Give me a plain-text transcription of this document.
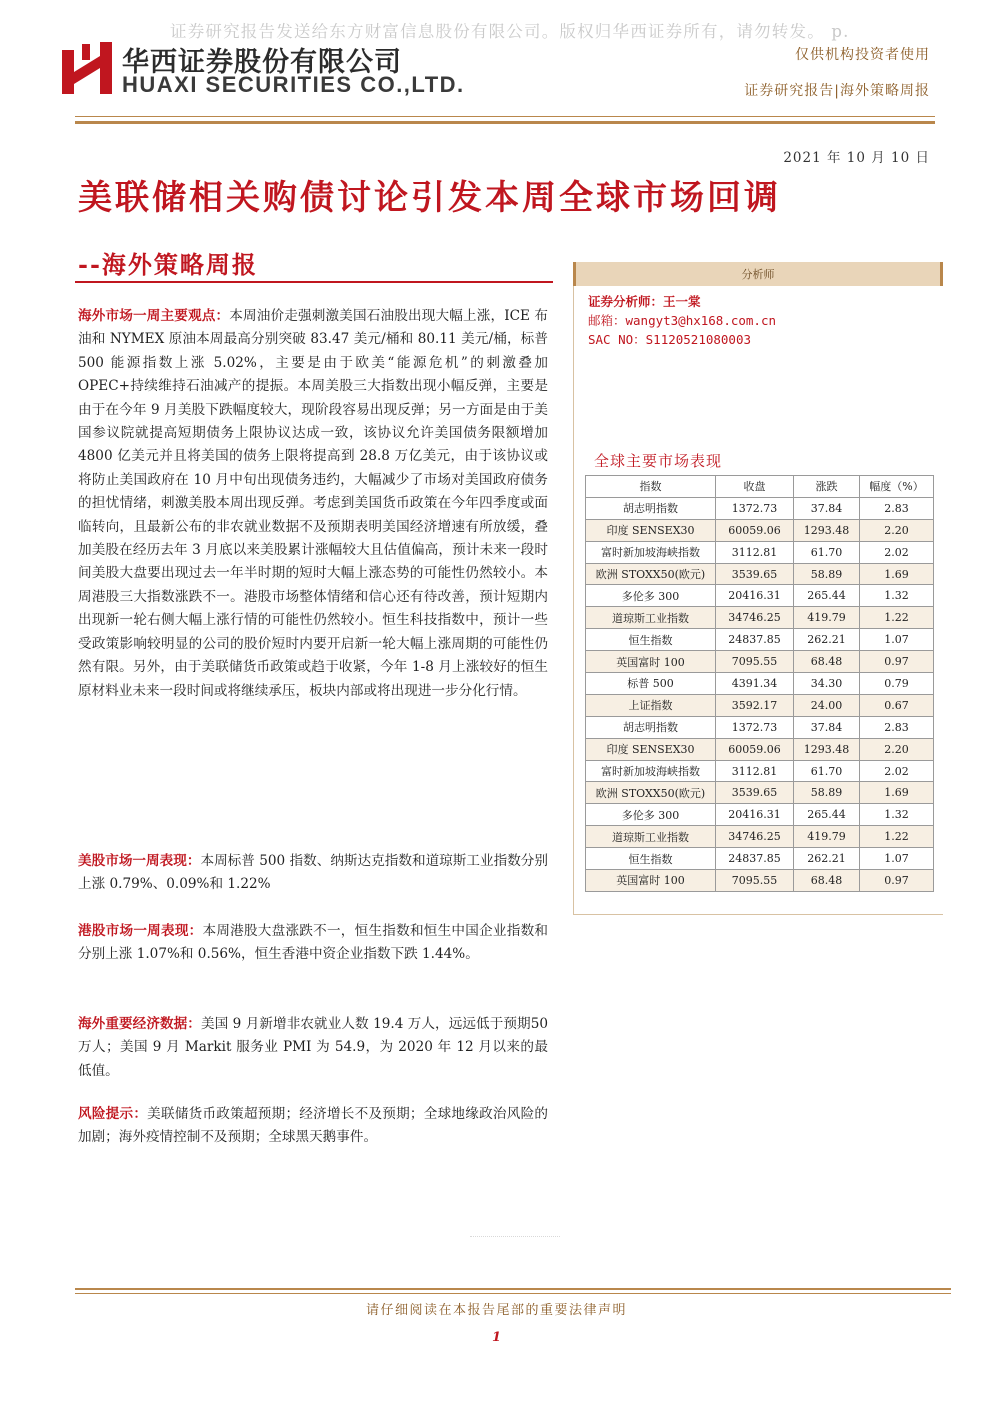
证券研究报告发送给东方财富信息股份有限公司。版权归华西证券所有，请勿转发。 p.
华西证券股份有限公司
HUAXI SECURITIES CO.,LTD.
仅供机构投资者使用
证券研究报告|海外策略周报
2021 年 10 月 10 日
美联储相关购债讨论引发本周全球市场回调
--海外策略周报
海外市场一周主要观点：本周油价走强刺激美国石油股出现大幅上涨，ICE 布油和 NYMEX 原油本周最高分别突破 83.47 美元/桶和 80.11 美元/桶，标普 500 能源指数上涨 5.02%，主要是由于欧美“能源危机”的刺激叠加 OPEC+持续维持石油减产的提振。本周美股三大指数出现小幅反弹，主要是由于在今年 9 月美股下跌幅度较大，现阶段容易出现反弹；另一方面是由于美国参议院就提高短期债务上限协议达成一致，该协议允许美国债务限额增加 4800 亿美元并且将美国的债务上限将提高到 28.8 万亿美元，由于该协议或将防止美国政府在 10 月中旬出现债务违约，大幅减少了市场对美国政府债务的担忧情绪，刺激美股本周出现反弹。考虑到美国货币政策在今年四季度或面临转向，且最新公布的非农就业数据不及预期表明美国经济增速有所放缓，叠加美股在经历去年 3 月底以来美股累计涨幅较大且估值偏高，预计未来一段时间美股大盘要出现过去一年半时期的短时大幅上涨态势的可能性仍然较小。本周港股三大指数涨跌不一。港股市场整体情绪和信心还有待改善，预计短期内出现新一轮右侧大幅上涨行情的可能性仍然较小。恒生科技指数中，预计一些受政策影响较明显的公司的股价短时内要开启新一轮大幅上涨周期的可能性仍然有限。另外，由于美联储货币政策或趋于收紧，今年 1-8 月上涨较好的恒生原材料业未来一段时间或将继续承压，板块内部或将出现进一步分化行情。
美股市场一周表现：本周标普 500 指数、纳斯达克指数和道琼斯工业指数分别上涨 0.79%、0.09%和 1.22%
港股市场一周表现：本周港股大盘涨跌不一，恒生指数和恒生中国企业指数和分别上涨 1.07%和 0.56%，恒生香港中资企业指数下跌 1.44%。
海外重要经济数据：美国 9 月新增非农就业人数 19.4 万人，远远低于预期50万人；美国 9 月 Markit 服务业 PMI 为 54.9，为 2020 年 12 月以来的最低值。
风险提示：美联储货币政策超预期；经济增长不及预期；全球地缘政治风险的加剧；海外疫情控制不及预期；全球黑天鹅事件。
分析师
证券分析师：王一棠
邮箱：wangyt3@hx168.com.cn
SAC NO：S1120521080003
全球主要市场表现
指数	收盘	涨跌	幅度（%）
胡志明指数	1372.73	37.84	2.83
印度 SENSEX30	60059.06	1293.48	2.20
富时新加坡海峡指数	3112.81	61.70	2.02
欧洲 STOXX50(欧元)	3539.65	58.89	1.69
多伦多 300	20416.31	265.44	1.32
道琼斯工业指数	34746.25	419.79	1.22
恒生指数	24837.85	262.21	1.07
英国富时 100	7095.55	68.48	0.97
标普 500	4391.34	34.30	0.79
上证指数	3592.17	24.00	0.67
胡志明指数	1372.73	37.84	2.83
印度 SENSEX30	60059.06	1293.48	2.20
富时新加坡海峡指数	3112.81	61.70	2.02
欧洲 STOXX50(欧元)	3539.65	58.89	1.69
多伦多 300	20416.31	265.44	1.32
道琼斯工业指数	34746.25	419.79	1.22
恒生指数	24837.85	262.21	1.07
英国富时 100	7095.55	68.48	0.97
请仔细阅读在本报告尾部的重要法律声明
1
